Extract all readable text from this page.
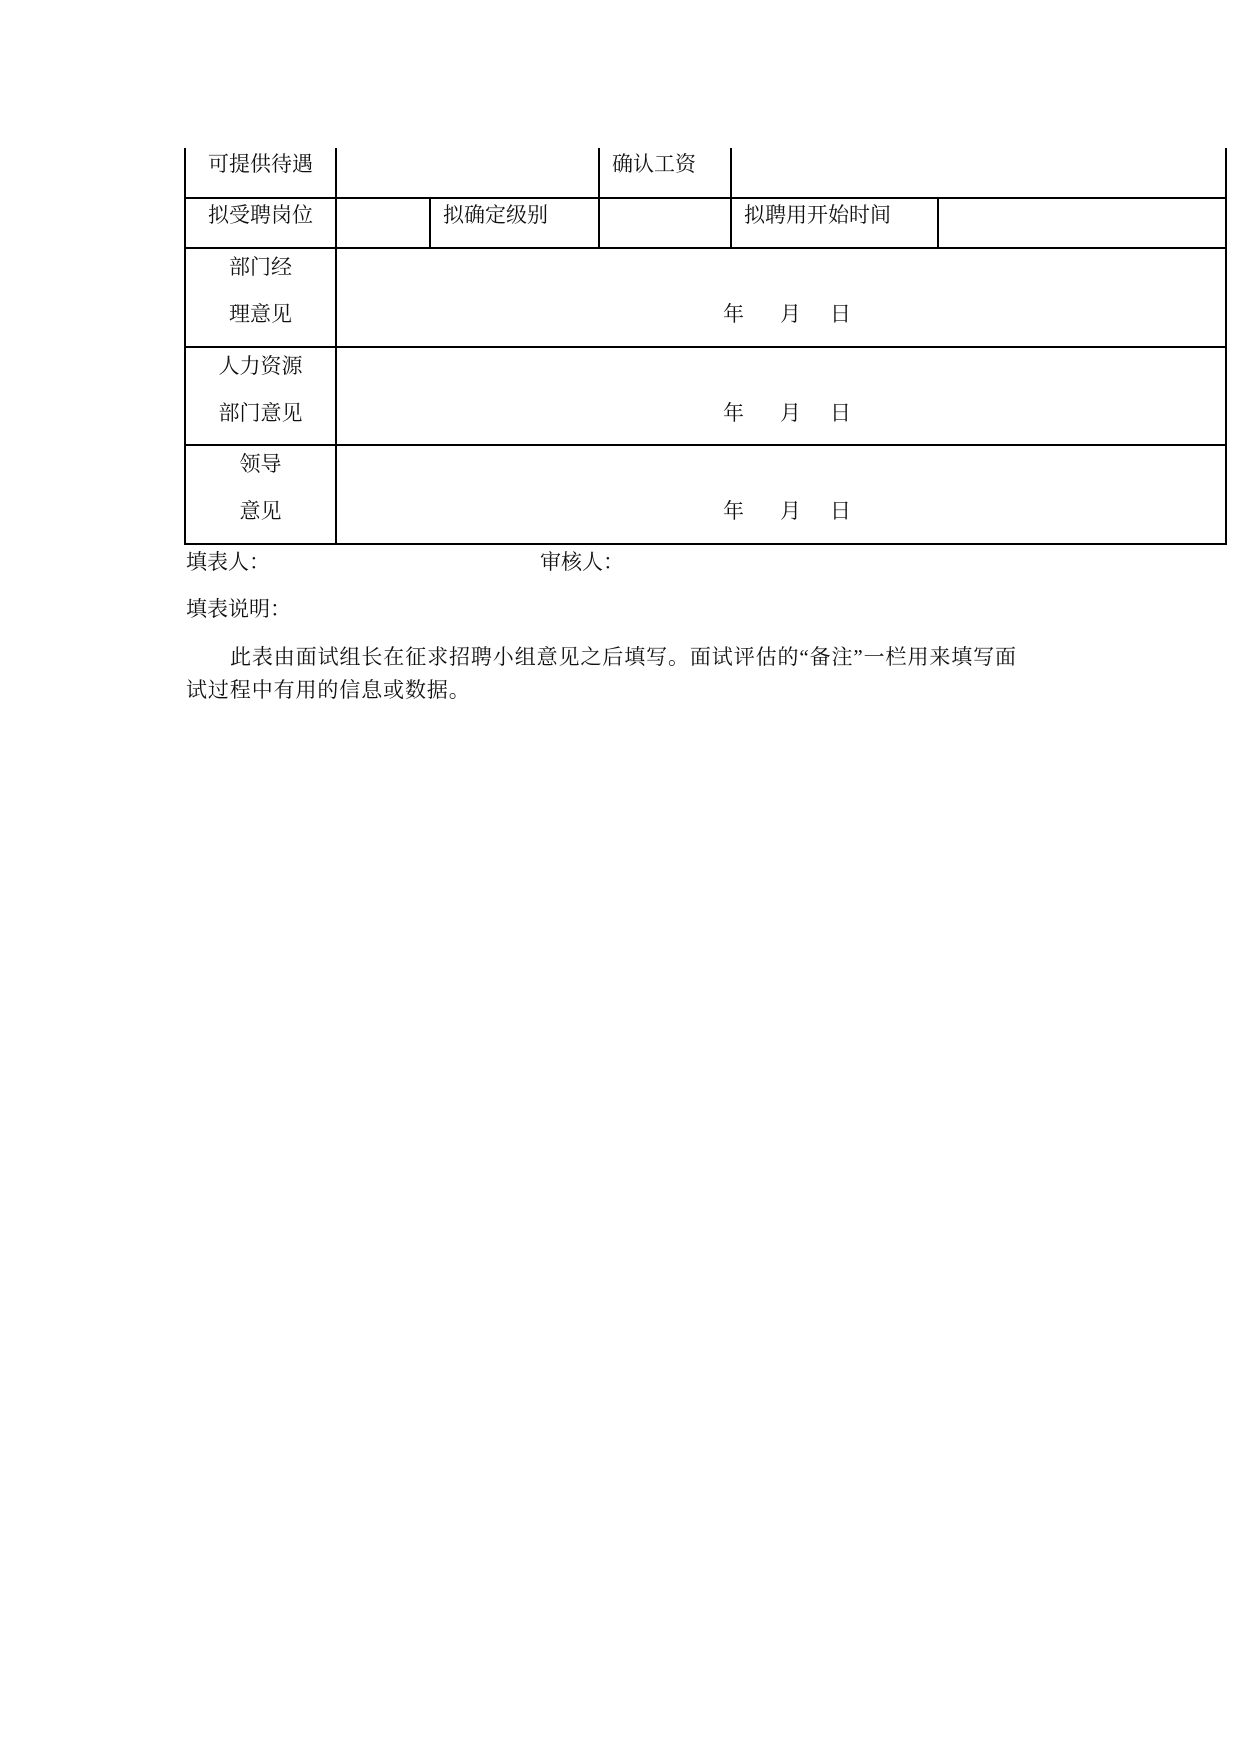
可提供待遇			确认工资		
拟受聘岗位		拟确定级别		拟聘用开始时间	

部门经
理意见	年 月 日				

人力资源
部门意见	年 月 日				

领导
意见	年 月 日				
填表人：	审核人：
填表说明：
此表由面试组长在征求招聘小组意见之后填写。面试评估的“备注”一栏用来填写面
试过程中有用的信息或数据。
